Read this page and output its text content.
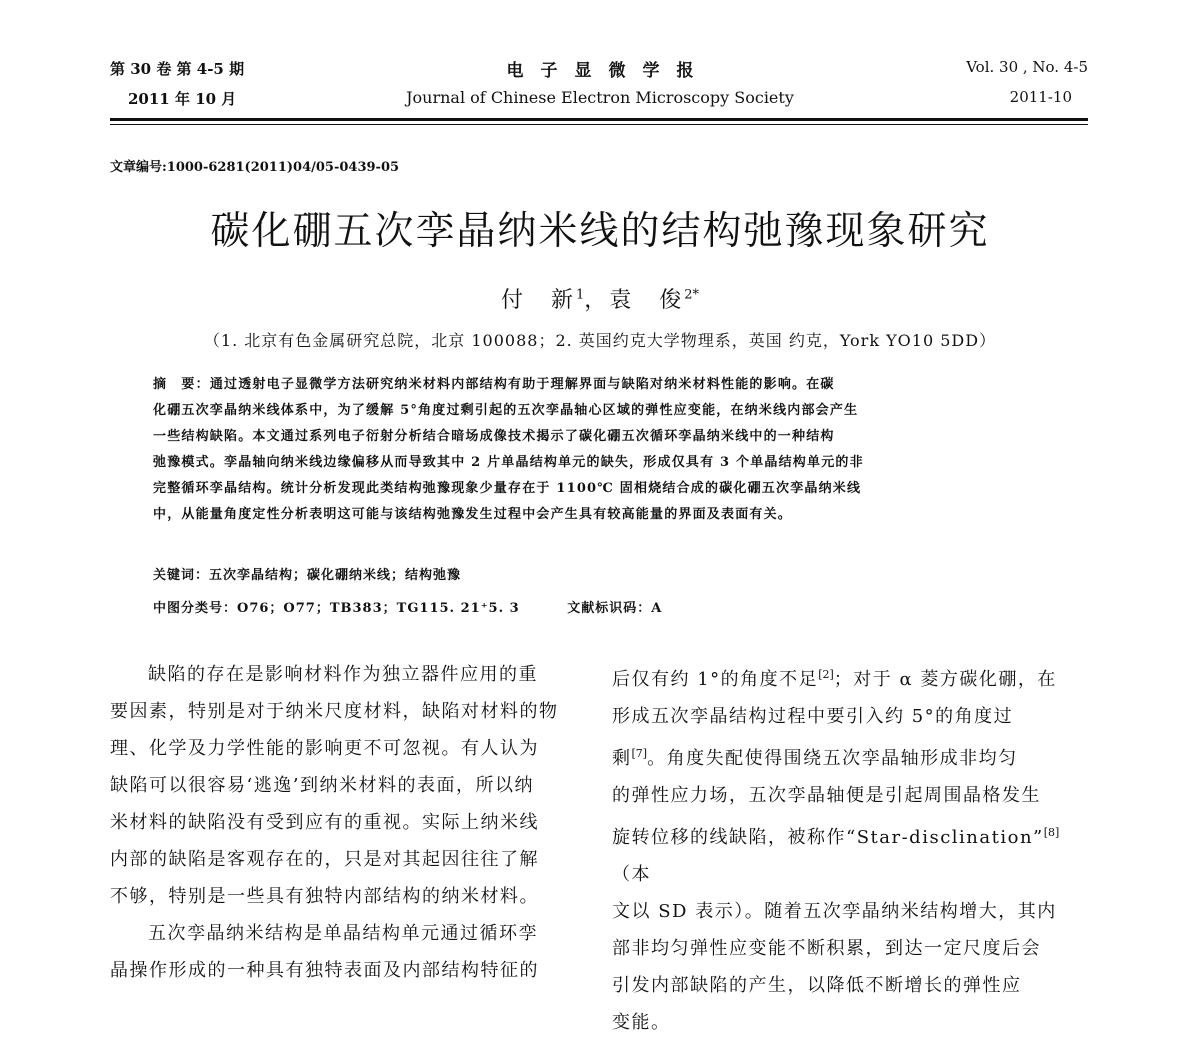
第 30 卷 第 4-5 期
2011 年 10 月
电　子　显　微　学　报
Journal of Chinese Electron Microscopy Society
Vol. 30 , No. 4-5
2011-10
文章编号:1000-6281(2011)04/05-0439-05
碳化硼五次孪晶纳米线的结构弛豫现象研究
付　新$^1$，袁　俊$^{2*}$
（1. 北京有色金属研究总院，北京 100088；2. 英国约克大学物理系，英国 约克，York YO10 5DD）
摘　要：通过透射电子显微学方法研究纳米材料内部结构有助于理解界面与缺陷对纳米材料性能的影响。在碳
化硼五次孪晶纳米线体系中，为了缓解 5°角度过剩引起的五次孪晶轴心区域的弹性应变能，在纳米线内部会产生
一些结构缺陷。本文通过系列电子衍射分析结合暗场成像技术揭示了碳化硼五次循环孪晶纳米线中的一种结构
弛豫模式。孪晶轴向纳米线边缘偏移从而导致其中 2 片单晶结构单元的缺失，形成仅具有 3 个单晶结构单元的非
完整循环孪晶结构。统计分析发现此类结构弛豫现象少量存在于 1100℃ 固相烧结合成的碳化硼五次孪晶纳米线
中，从能量角度定性分析表明这可能与该结构弛豫发生过程中会产生具有较高能量的界面及表面有关。
关键词：五次孪晶结构；碳化硼纳米线；结构弛豫
中图分类号：O76；O77；TB383；TG115. 21⁺5. 3	文献标识码：A

缺陷的存在是影响材料作为独立器件应用的重
要因素，特别是对于纳米尺度材料，缺陷对材料的物
理、化学及力学性能的影响更不可忽视。有人认为
缺陷可以很容易‘逃逸’到纳米材料的表面，所以纳
米材料的缺陷没有受到应有的重视。实际上纳米线
内部的缺陷是客观存在的，只是对其起因往往了解
不够，特别是一些具有独特内部结构的纳米材料。

五次孪晶纳米结构是单晶结构单元通过循环孪
晶操作形成的一种具有独特表面及内部结构特征的

后仅有约 1°的角度不足[2]；对于 α 菱方碳化硼，在
形成五次孪晶结构过程中要引入约 5°的角度过
剩[7]。角度失配使得围绕五次孪晶轴形成非均匀
的弹性应力场，五次孪晶轴便是引起周围晶格发生
旋转位移的线缺陷，被称作“Star-disclination”[8]（本
文以 SD 表示）。随着五次孪晶纳米结构增大，其内
部非均匀弹性应变能不断积累，到达一定尺度后会
引发内部缺陷的产生，以降低不断增长的弹性应
变能。
